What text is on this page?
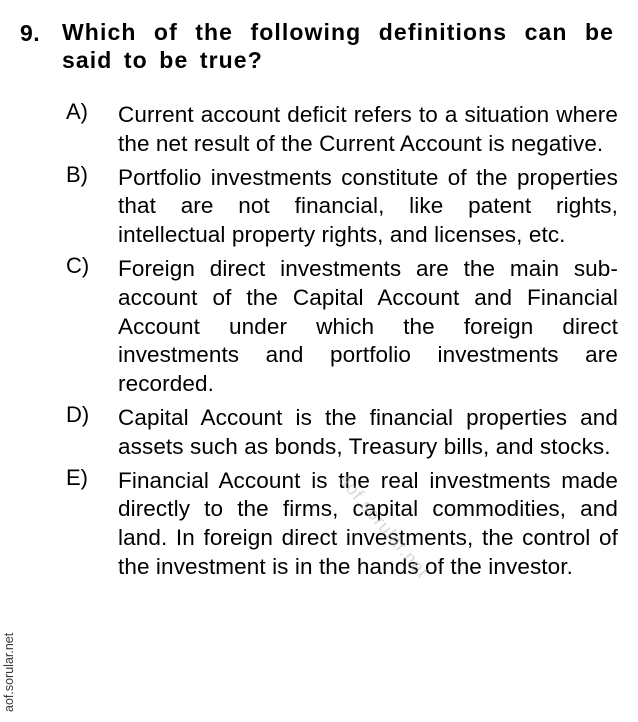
9. Which of the following definitions can be said to be true?
A)	Current account deficit refers to a situation where the net result of the Current Account is negative.
B)	Portfolio investments constitute of the properties that are not financial, like patent rights, intellectual property rights, and licenses, etc.
C)	Foreign direct investments are the main sub-account of the Capital Account and Financial Account under which the foreign direct investments and portfolio investments are recorded.
D)	Capital Account is the financial properties and assets such as bonds, Treasury bills, and stocks.
E)	Financial Account is the real investments made directly to the firms, capital commodities, and land. In foreign direct investments, the control of the investment is in the hands of the investor.
aof.sorular.net
aof.sorular.net
